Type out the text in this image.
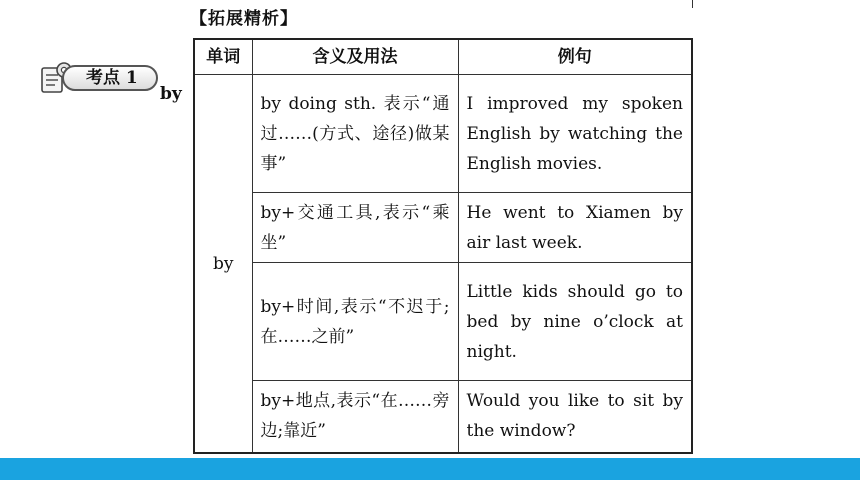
【拓展精析】
考点 1
by
单词	含义及用法	例句
by	by doing sth. 表示“通过……(方式、途径)做某事”	I improved my spoken English by watching the English movies.
	by+交通工具,表示“乘坐”	He went to Xiamen by air last week.
	by+时间,表示“不迟于;在……之前”	Little kids should go to bed by nine o’clock at night.
	by+地点,表示“在……旁边;靠近”	Would you like to sit by the window?
